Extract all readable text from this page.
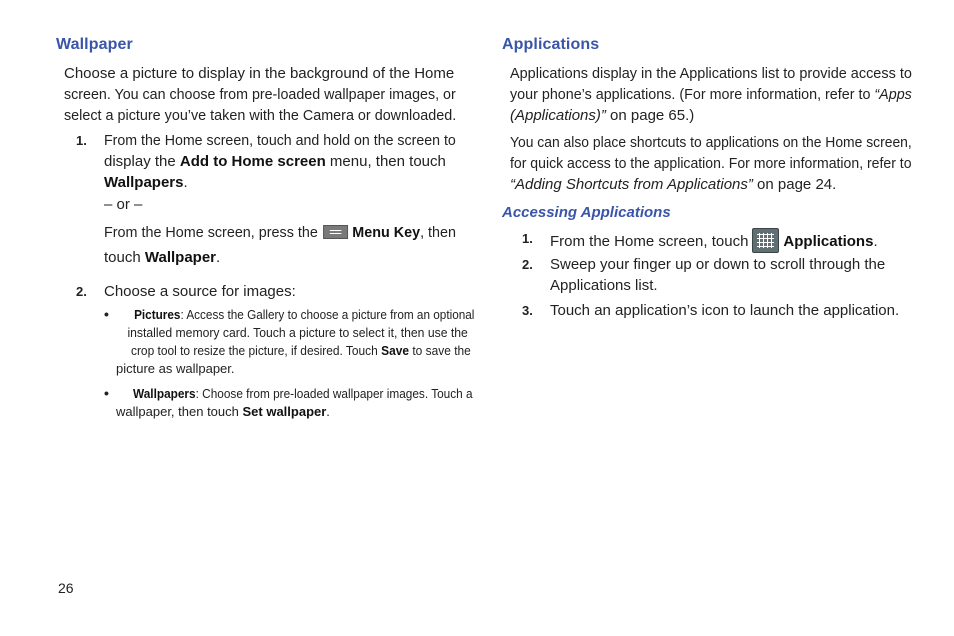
Wallpaper

Choose a picture to display in the background of the Home

screen. You can choose from pre-loaded wallpaper images, or

select a picture you’ve taken with the Camera or downloaded.

1. From the Home screen, touch and hold on the screen to

display the Add to Home screen menu, then touch

Wallpapers.

– or –

From the Home screen, press the Menu Key, then

touch Wallpaper.

2. Choose a source for images:

• Pictures: Access the Gallery to choose a picture from an optional

installed memory card. Touch a picture to select it, then use the

crop tool to resize the picture, if desired. Touch Save to save the

picture as wallpaper.

• Wallpapers: Choose from pre-loaded wallpaper images. Touch a

wallpaper, then touch Set wallpaper.

Applications

Applications display in the Applications list to provide access to

your phone’s applications. (For more information, refer to “Apps

(Applications)” on page 65.)

You can also place shortcuts to applications on the Home screen,

for quick access to the application. For more information, refer to

“Adding Shortcuts from Applications” on page 24.

Accessing Applications
1. From the Home screen, touch Applications.

2. Sweep your finger up or down to scroll through the

Applications list.

3. Touch an application’s icon to launch the application.

26
